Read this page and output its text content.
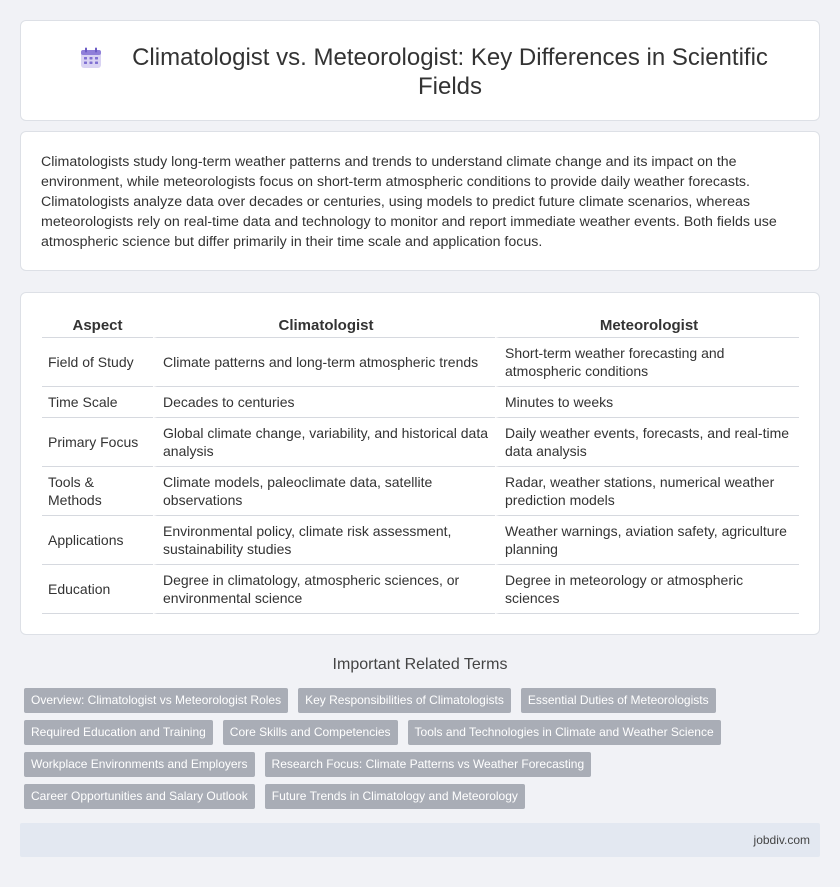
Climatologist vs. Meteorologist: Key Differences in Scientific Fields

Climatologists study long-term weather patterns and trends to understand climate change and its impact on the environment, while meteorologists focus on short-term atmospheric conditions to provide daily weather forecasts. Climatologists analyze data over decades or centuries, using models to predict future climate scenarios, whereas meteorologists rely on real-time data and technology to monitor and report immediate weather events. Both fields use atmospheric science but differ primarily in their time scale and application focus.

Aspect	Climatologist	Meteorologist
Field of Study	Climate patterns and long-term atmospheric trends	Short-term weather forecasting and atmospheric conditions
Time Scale	Decades to centuries	Minutes to weeks
Primary Focus	Global climate change, variability, and historical data analysis	Daily weather events, forecasts, and real-time data analysis
Tools & Methods	Climate models, paleoclimate data, satellite observations	Radar, weather stations, numerical weather prediction models
Applications	Environmental policy, climate risk assessment, sustainability studies	Weather warnings, aviation safety, agriculture planning
Education	Degree in climatology, atmospheric sciences, or environmental science	Degree in meteorology or atmospheric sciences
Important Related Terms
Overview: Climatologist vs Meteorologist Roles Key Responsibilities of Climatologists Essential Duties of Meteorologists
Required Education and Training Core Skills and Competencies Tools and Technologies in Climate and Weather Science
Workplace Environments and Employers Research Focus: Climate Patterns vs Weather Forecasting
Career Opportunities and Salary Outlook Future Trends in Climatology and Meteorology
jobdiv.com
